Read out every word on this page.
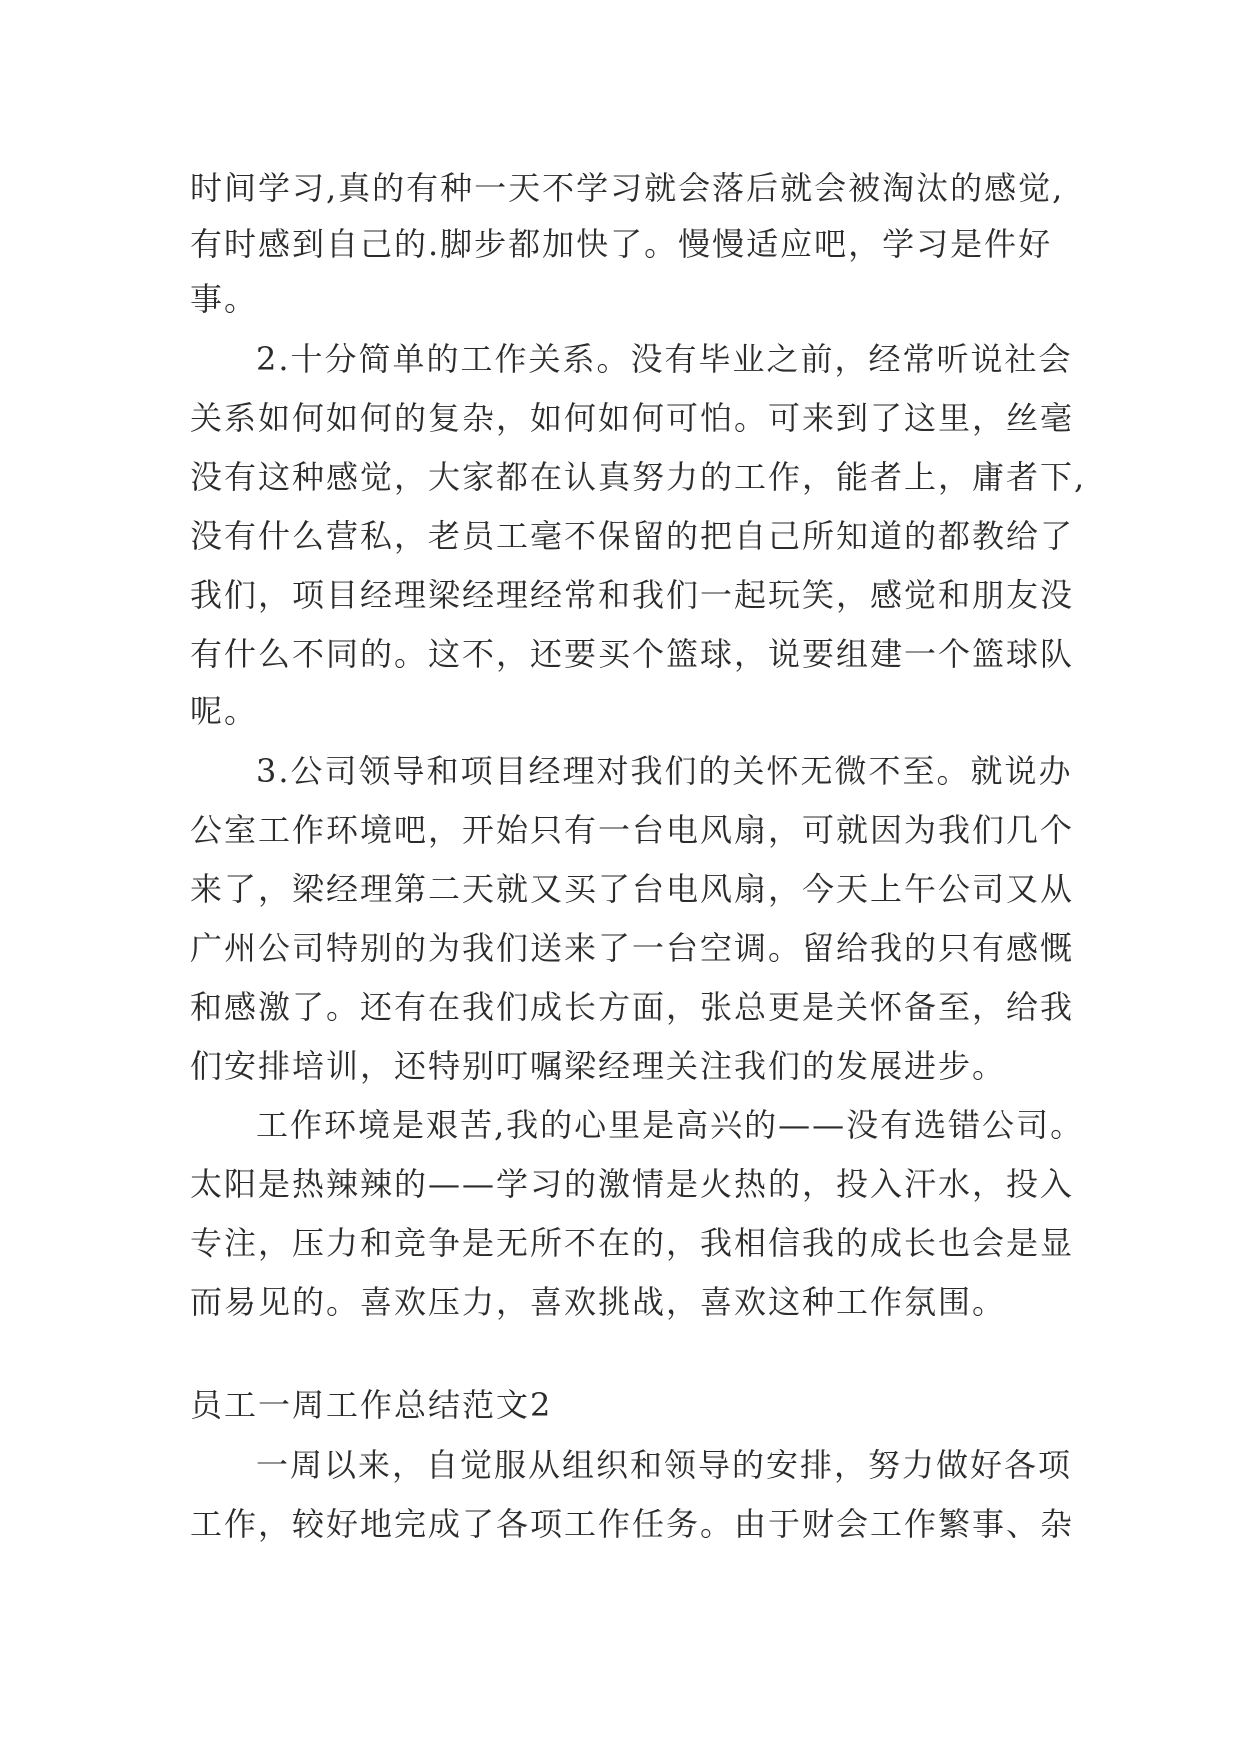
时间学习,真的有种一天不学习就会落后就会被淘汰的感觉,
有时感到自己的.脚步都加快了。慢慢适应吧，学习是件好
事。
2.十分简单的工作关系。没有毕业之前，经常听说社会
关系如何如何的复杂，如何如何可怕。可来到了这里，丝毫
没有这种感觉，大家都在认真努力的工作，能者上，庸者下,
没有什么营私，老员工毫不保留的把自己所知道的都教给了
我们，项目经理梁经理经常和我们一起玩笑，感觉和朋友没
有什么不同的。这不，还要买个篮球，说要组建一个篮球队
呢。
3.公司领导和项目经理对我们的关怀无微不至。就说办
公室工作环境吧，开始只有一台电风扇，可就因为我们几个
来了，梁经理第二天就又买了台电风扇，今天上午公司又从
广州公司特别的为我们送来了一台空调。留给我的只有感慨
和感激了。还有在我们成长方面，张总更是关怀备至，给我
们安排培训，还特别叮嘱梁经理关注我们的发展进步。
工作环境是艰苦,我的心里是高兴的——没有选错公司。
太阳是热辣辣的——学习的激情是火热的，投入汗水，投入
专注，压力和竞争是无所不在的，我相信我的成长也会是显
而易见的。喜欢压力，喜欢挑战，喜欢这种工作氛围。
员工一周工作总结范文2
一周以来，自觉服从组织和领导的安排，努力做好各项
工作，较好地完成了各项工作任务。由于财会工作繁事、杂
